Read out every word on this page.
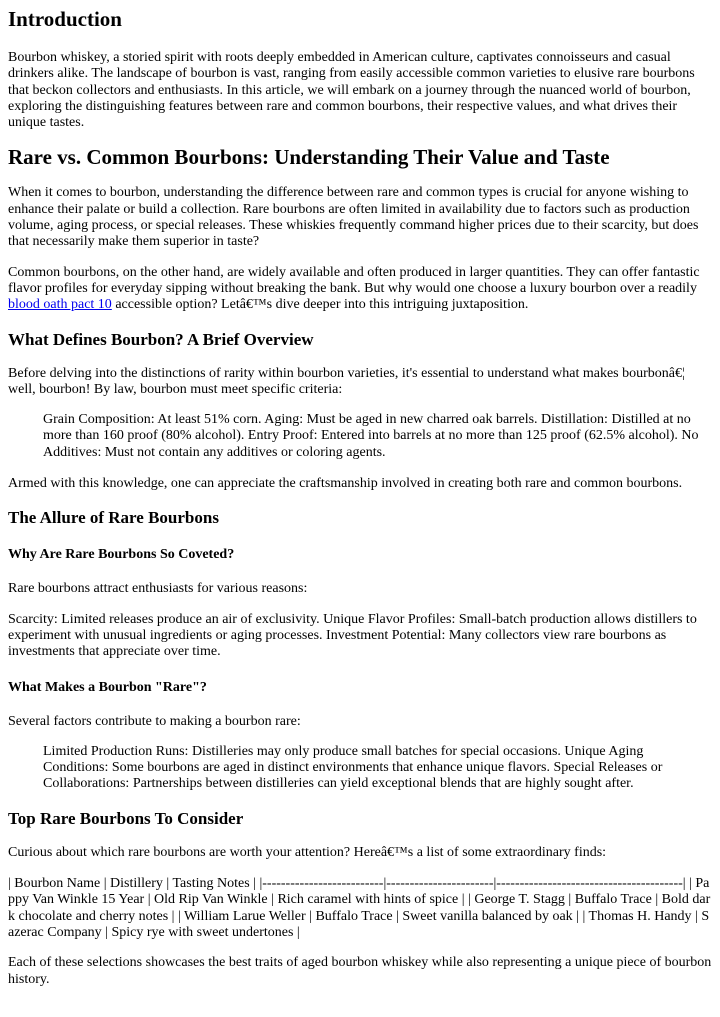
Introduction

Bourbon whiskey, a storied spirit with roots deeply embedded in American culture, captivates connoisseurs and casual drinkers alike. The landscape of bourbon is vast, ranging from easily accessible common varieties to elusive rare bourbons that beckon collectors and enthusiasts. In this article, we will embark on a journey through the nuanced world of bourbon, exploring the distinguishing features between rare and common bourbons, their respective values, and what drives their unique tastes.

Rare vs. Common Bourbons: Understanding Their Value and Taste

When it comes to bourbon, understanding the difference between rare and common types is crucial for anyone wishing to enhance their palate or build a collection. Rare bourbons are often limited in availability due to factors such as production volume, aging process, or special releases. These whiskies frequently command higher prices due to their scarcity, but does that necessarily make them superior in taste?

Common bourbons, on the other hand, are widely available and often produced in larger quantities. They can offer fantastic flavor profiles for everyday sipping without breaking the bank. But why would one choose a luxury bourbon over a readily blood oath pact 10 accessible option? Letâ€™s dive deeper into this intriguing juxtaposition.

What Defines Bourbon? A Brief Overview

Before delving into the distinctions of rarity within bourbon varieties, it's essential to understand what makes bourbonâ€¦ well, bourbon! By law, bourbon must meet specific criteria:

Grain Composition: At least 51% corn. Aging: Must be aged in new charred oak barrels. Distillation: Distilled at no more than 160 proof (80% alcohol). Entry Proof: Entered into barrels at no more than 125 proof (62.5% alcohol). No Additives: Must not contain any additives or coloring agents.

Armed with this knowledge, one can appreciate the craftsmanship involved in creating both rare and common bourbons.

The Allure of Rare Bourbons
Why Are Rare Bourbons So Coveted?

Rare bourbons attract enthusiasts for various reasons:

Scarcity: Limited releases produce an air of exclusivity. Unique Flavor Profiles: Small-batch production allows distillers to experiment with unusual ingredients or aging processes. Investment Potential: Many collectors view rare bourbons as investments that appreciate over time.

What Makes a Bourbon "Rare"?

Several factors contribute to making a bourbon rare:

Limited Production Runs: Distilleries may only produce small batches for special occasions. Unique Aging Conditions: Some bourbons are aged in distinct environments that enhance unique flavors. Special Releases or Collaborations: Partnerships between distilleries can yield exceptional blends that are highly sought after.

Top Rare Bourbons To Consider

Curious about which rare bourbons are worth your attention? Hereâ€™s a list of some extraordinary finds:

| Bourbon Name | Distillery | Tasting Notes | |--------------------------|-----------------------|----------------------------------------| | Pappy Van Winkle 15 Year | Old Rip Van Winkle | Rich caramel with hints of spice | | George T. Stagg | Buffalo Trace | Bold dark chocolate and cherry notes | | William Larue Weller | Buffalo Trace | Sweet vanilla balanced by oak | | Thomas H. Handy | Sazerac Company | Spicy rye with sweet undertones |

Each of these selections showcases the best traits of aged bourbon whiskey while also representing a unique piece of bourbon history.
